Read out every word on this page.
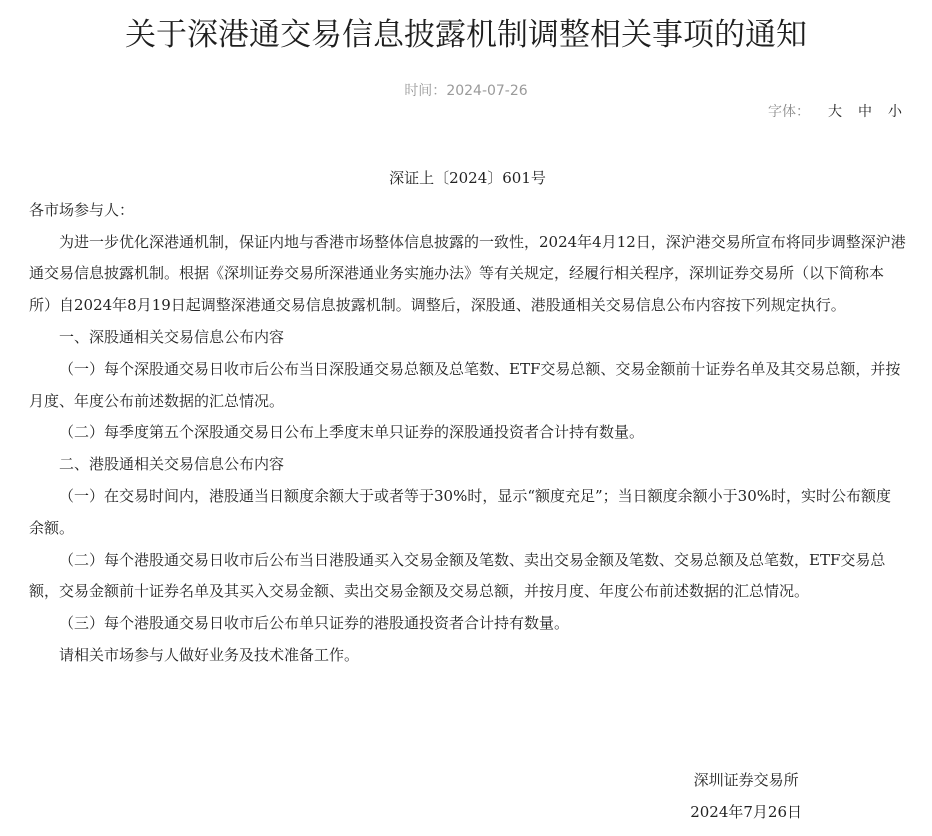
关于深港通交易信息披露机制调整相关事项的通知
时间：2024-07-26
字体： 大 中 小

深证上〔2024〕601号

各市场参与人：

为进一步优化深港通机制，保证内地与香港市场整体信息披露的一致性，2024年4月12日，深沪港交易所宣布将同步调整深沪港通交易信息披露机制。根据《深圳证券交易所深港通业务实施办法》等有关规定，经履行相关程序，深圳证券交易所（以下简称本所）自2024年8月19日起调整深港通交易信息披露机制。调整后，深股通、港股通相关交易信息公布内容按下列规定执行。

一、深股通相关交易信息公布内容

（一）每个深股通交易日收市后公布当日深股通交易总额及总笔数、ETF交易总额、交易金额前十证券名单及其交易总额，并按月度、年度公布前述数据的汇总情况。

（二）每季度第五个深股通交易日公布上季度末单只证券的深股通投资者合计持有数量。

二、港股通相关交易信息公布内容

（一）在交易时间内，港股通当日额度余额大于或者等于30%时，显示“额度充足”；当日额度余额小于30%时，实时公布额度余额。

（二）每个港股通交易日收市后公布当日港股通买入交易金额及笔数、卖出交易金额及笔数、交易总额及总笔数，ETF交易总额，交易金额前十证券名单及其买入交易金额、卖出交易金额及交易总额，并按月度、年度公布前述数据的汇总情况。

（三）每个港股通交易日收市后公布单只证券的港股通投资者合计持有数量。

请相关市场参与人做好业务及技术准备工作。

深圳证券交易所
2024年7月26日
